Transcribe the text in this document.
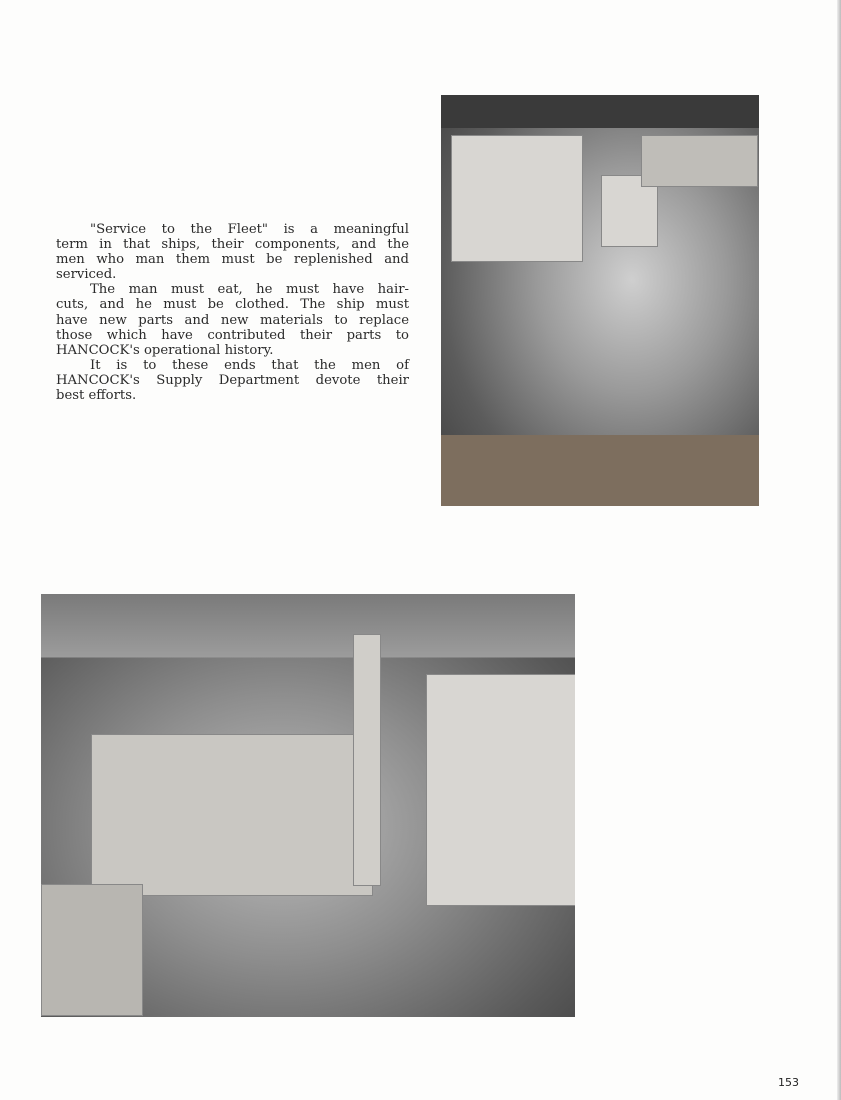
"Service to the Fleet" is a meaningful
term in that ships, their components, and the
men who man them must be replenished and
serviced.
The man must eat, he must have hair-
cuts, and he must be clothed. The ship must
have new parts and new materials to replace
those which have contributed their parts to
HANCOCK's operational history.
It is to these ends that the men of
HANCOCK's Supply Department devote their
best efforts.
153
